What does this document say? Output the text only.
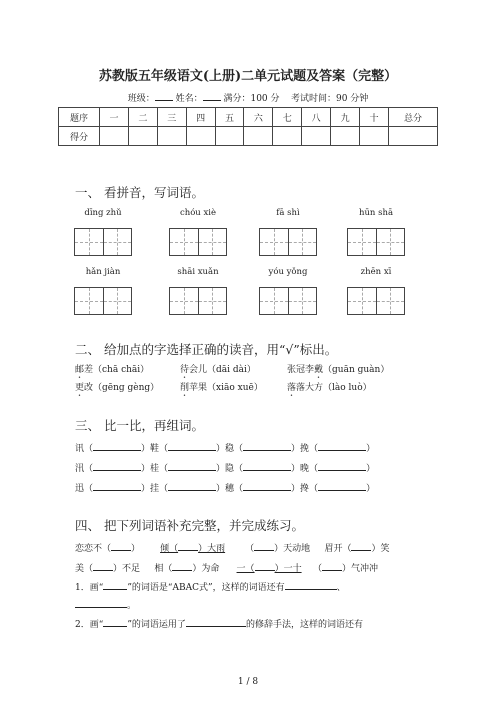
苏教版五年级语文(上册)二单元试题及答案（完整）
班级： 姓名： 满分：100 分 考试时间：90 分钟
题序	一	二	三	四	五	六	七	八	九	十	总分
得分											
一、 看拼音，写词语。
dīng zhǔ	chóu xiè	fā shì	hūn shā
hǎn jiàn	shāi xuǎn	yóu yǒng	zhēn xī
二、 给加点的字选择正确的读音，用“√”标出。
邮差（chā chāi）	待会儿（dāi dài）	张冠李戴（guān guàn）
更改（gēng gèng） 削苹果（xiāo xuē）	落落大方（lào luò）
三、 比一比，再组词。
讯（	）鞋（	）稳（	）挽（	）
汛（	）桂（	）隐（	）晚（	）
迅（	）挂（	）穗（	）搀（	）
四、 把下列词语补充完整，并完成练习。
恋恋不（ ） 倾（ ）大雨 （ ）天动地 眉开（ ）笑
美（ ）不足 相（ ）为命 一（ ）一十 （ ）气冲冲
1．画“	”的词语是“ABAC式”，这样的词语还有	、
。
2．画“	”的词语运用了	的修辞手法，这样的词语还有
1 / 8
